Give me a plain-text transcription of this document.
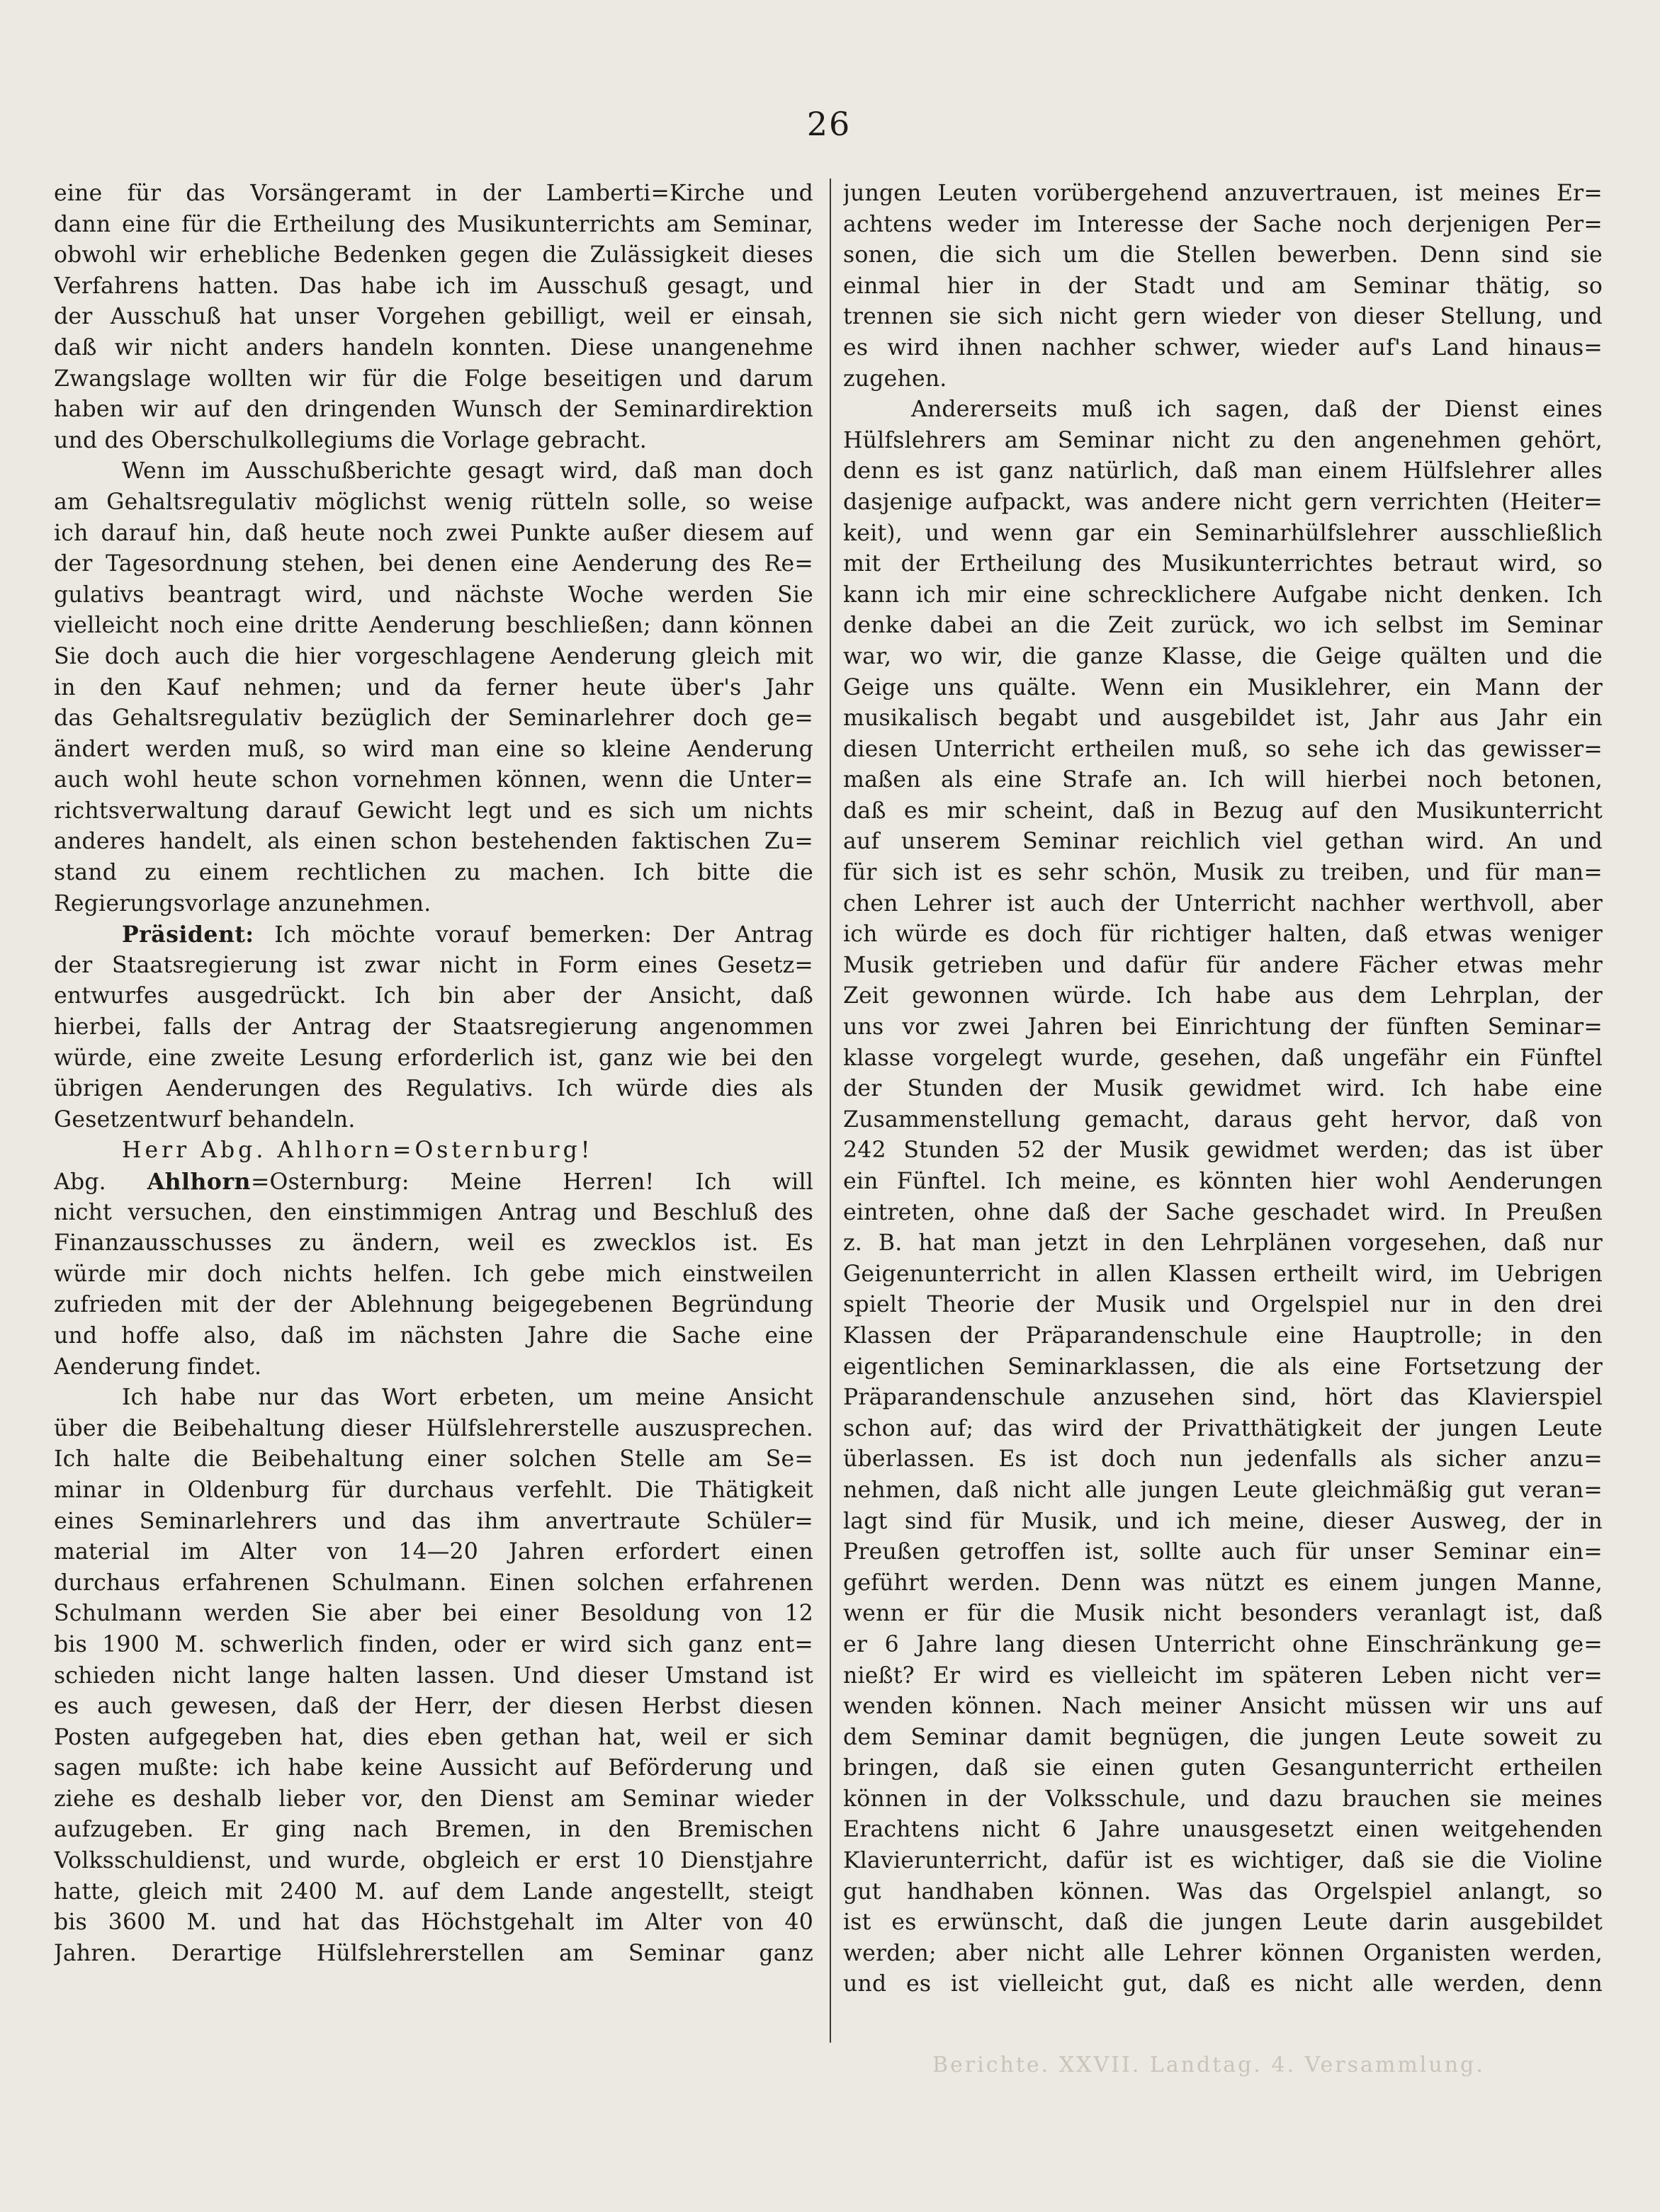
26
eine für das Vorsängeramt in der Lamberti=Kirche und
dann eine für die Ertheilung des Musikunterrichts am Seminar,
obwohl wir erhebliche Bedenken gegen die Zulässigkeit dieses
Verfahrens hatten. Das habe ich im Ausschuß gesagt, und
der Ausschuß hat unser Vorgehen gebilligt, weil er einsah,
daß wir nicht anders handeln konnten. Diese unangenehme
Zwangslage wollten wir für die Folge beseitigen und darum
haben wir auf den dringenden Wunsch der Seminardirektion
und des Oberschulkollegiums die Vorlage gebracht.
Wenn im Ausschußberichte gesagt wird, daß man doch
am Gehaltsregulativ möglichst wenig rütteln solle, so weise
ich darauf hin, daß heute noch zwei Punkte außer diesem auf
der Tagesordnung stehen, bei denen eine Aenderung des Re=
gulativs beantragt wird, und nächste Woche werden Sie
vielleicht noch eine dritte Aenderung beschließen; dann können
Sie doch auch die hier vorgeschlagene Aenderung gleich mit
in den Kauf nehmen; und da ferner heute über's Jahr
das Gehaltsregulativ bezüglich der Seminarlehrer doch ge=
ändert werden muß, so wird man eine so kleine Aenderung
auch wohl heute schon vornehmen können, wenn die Unter=
richtsverwaltung darauf Gewicht legt und es sich um nichts
anderes handelt, als einen schon bestehenden faktischen Zu=
stand zu einem rechtlichen zu machen. Ich bitte die
Regierungsvorlage anzunehmen.
Präsident: Ich möchte vorauf bemerken: Der Antrag
der Staatsregierung ist zwar nicht in Form eines Gesetz=
entwurfes ausgedrückt. Ich bin aber der Ansicht, daß
hierbei, falls der Antrag der Staatsregierung angenommen
würde, eine zweite Lesung erforderlich ist, ganz wie bei den
übrigen Aenderungen des Regulativs. Ich würde dies als
Gesetzentwurf behandeln.
Herr Abg. Ahlhorn=Osternburg!
Abg. Ahlhorn=Osternburg: Meine Herren! Ich will
nicht versuchen, den einstimmigen Antrag und Beschluß des
Finanzausschusses zu ändern, weil es zwecklos ist. Es
würde mir doch nichts helfen. Ich gebe mich einstweilen
zufrieden mit der der Ablehnung beigegebenen Begründung
und hoffe also, daß im nächsten Jahre die Sache eine
Aenderung findet.
Ich habe nur das Wort erbeten, um meine Ansicht
über die Beibehaltung dieser Hülfslehrerstelle auszusprechen.
Ich halte die Beibehaltung einer solchen Stelle am Se=
minar in Oldenburg für durchaus verfehlt. Die Thätigkeit
eines Seminarlehrers und das ihm anvertraute Schüler=
material im Alter von 14—20 Jahren erfordert einen
durchaus erfahrenen Schulmann. Einen solchen erfahrenen
Schulmann werden Sie aber bei einer Besoldung von 12
bis 1900 M. schwerlich finden, oder er wird sich ganz ent=
schieden nicht lange halten lassen. Und dieser Umstand ist
es auch gewesen, daß der Herr, der diesen Herbst diesen
Posten aufgegeben hat, dies eben gethan hat, weil er sich
sagen mußte: ich habe keine Aussicht auf Beförderung und
ziehe es deshalb lieber vor, den Dienst am Seminar wieder
aufzugeben. Er ging nach Bremen, in den Bremischen
Volksschuldienst, und wurde, obgleich er erst 10 Dienstjahre
hatte, gleich mit 2400 M. auf dem Lande angestellt, steigt
bis 3600 M. und hat das Höchstgehalt im Alter von 40
Jahren. Derartige Hülfslehrerstellen am Seminar ganz
jungen Leuten vorübergehend anzuvertrauen, ist meines Er=
achtens weder im Interesse der Sache noch derjenigen Per=
sonen, die sich um die Stellen bewerben. Denn sind sie
einmal hier in der Stadt und am Seminar thätig, so
trennen sie sich nicht gern wieder von dieser Stellung, und
es wird ihnen nachher schwer, wieder auf's Land hinaus=
zugehen.
Andererseits muß ich sagen, daß der Dienst eines
Hülfslehrers am Seminar nicht zu den angenehmen gehört,
denn es ist ganz natürlich, daß man einem Hülfslehrer alles
dasjenige aufpackt, was andere nicht gern verrichten (Heiter=
keit), und wenn gar ein Seminarhülfslehrer ausschließlich
mit der Ertheilung des Musikunterrichtes betraut wird, so
kann ich mir eine schrecklichere Aufgabe nicht denken. Ich
denke dabei an die Zeit zurück, wo ich selbst im Seminar
war, wo wir, die ganze Klasse, die Geige quälten und die
Geige uns quälte. Wenn ein Musiklehrer, ein Mann der
musikalisch begabt und ausgebildet ist, Jahr aus Jahr ein
diesen Unterricht ertheilen muß, so sehe ich das gewisser=
maßen als eine Strafe an. Ich will hierbei noch betonen,
daß es mir scheint, daß in Bezug auf den Musikunterricht
auf unserem Seminar reichlich viel gethan wird. An und
für sich ist es sehr schön, Musik zu treiben, und für man=
chen Lehrer ist auch der Unterricht nachher werthvoll, aber
ich würde es doch für richtiger halten, daß etwas weniger
Musik getrieben und dafür für andere Fächer etwas mehr
Zeit gewonnen würde. Ich habe aus dem Lehrplan, der
uns vor zwei Jahren bei Einrichtung der fünften Seminar=
klasse vorgelegt wurde, gesehen, daß ungefähr ein Fünftel
der Stunden der Musik gewidmet wird. Ich habe eine
Zusammenstellung gemacht, daraus geht hervor, daß von
242 Stunden 52 der Musik gewidmet werden; das ist über
ein Fünftel. Ich meine, es könnten hier wohl Aenderungen
eintreten, ohne daß der Sache geschadet wird. In Preußen
z. B. hat man jetzt in den Lehrplänen vorgesehen, daß nur
Geigenunterricht in allen Klassen ertheilt wird, im Uebrigen
spielt Theorie der Musik und Orgelspiel nur in den drei
Klassen der Präparandenschule eine Hauptrolle; in den
eigentlichen Seminarklassen, die als eine Fortsetzung der
Präparandenschule anzusehen sind, hört das Klavierspiel
schon auf; das wird der Privatthätigkeit der jungen Leute
überlassen. Es ist doch nun jedenfalls als sicher anzu=
nehmen, daß nicht alle jungen Leute gleichmäßig gut veran=
lagt sind für Musik, und ich meine, dieser Ausweg, der in
Preußen getroffen ist, sollte auch für unser Seminar ein=
geführt werden. Denn was nützt es einem jungen Manne,
wenn er für die Musik nicht besonders veranlagt ist, daß
er 6 Jahre lang diesen Unterricht ohne Einschränkung ge=
nießt? Er wird es vielleicht im späteren Leben nicht ver=
wenden können. Nach meiner Ansicht müssen wir uns auf
dem Seminar damit begnügen, die jungen Leute soweit zu
bringen, daß sie einen guten Gesangunterricht ertheilen
können in der Volksschule, und dazu brauchen sie meines
Erachtens nicht 6 Jahre unausgesetzt einen weitgehenden
Klavierunterricht, dafür ist es wichtiger, daß sie die Violine
gut handhaben können. Was das Orgelspiel anlangt, so
ist es erwünscht, daß die jungen Leute darin ausgebildet
werden; aber nicht alle Lehrer können Organisten werden,
und es ist vielleicht gut, daß es nicht alle werden, denn
Berichte. XXVII. Landtag. 4. Versammlung.
